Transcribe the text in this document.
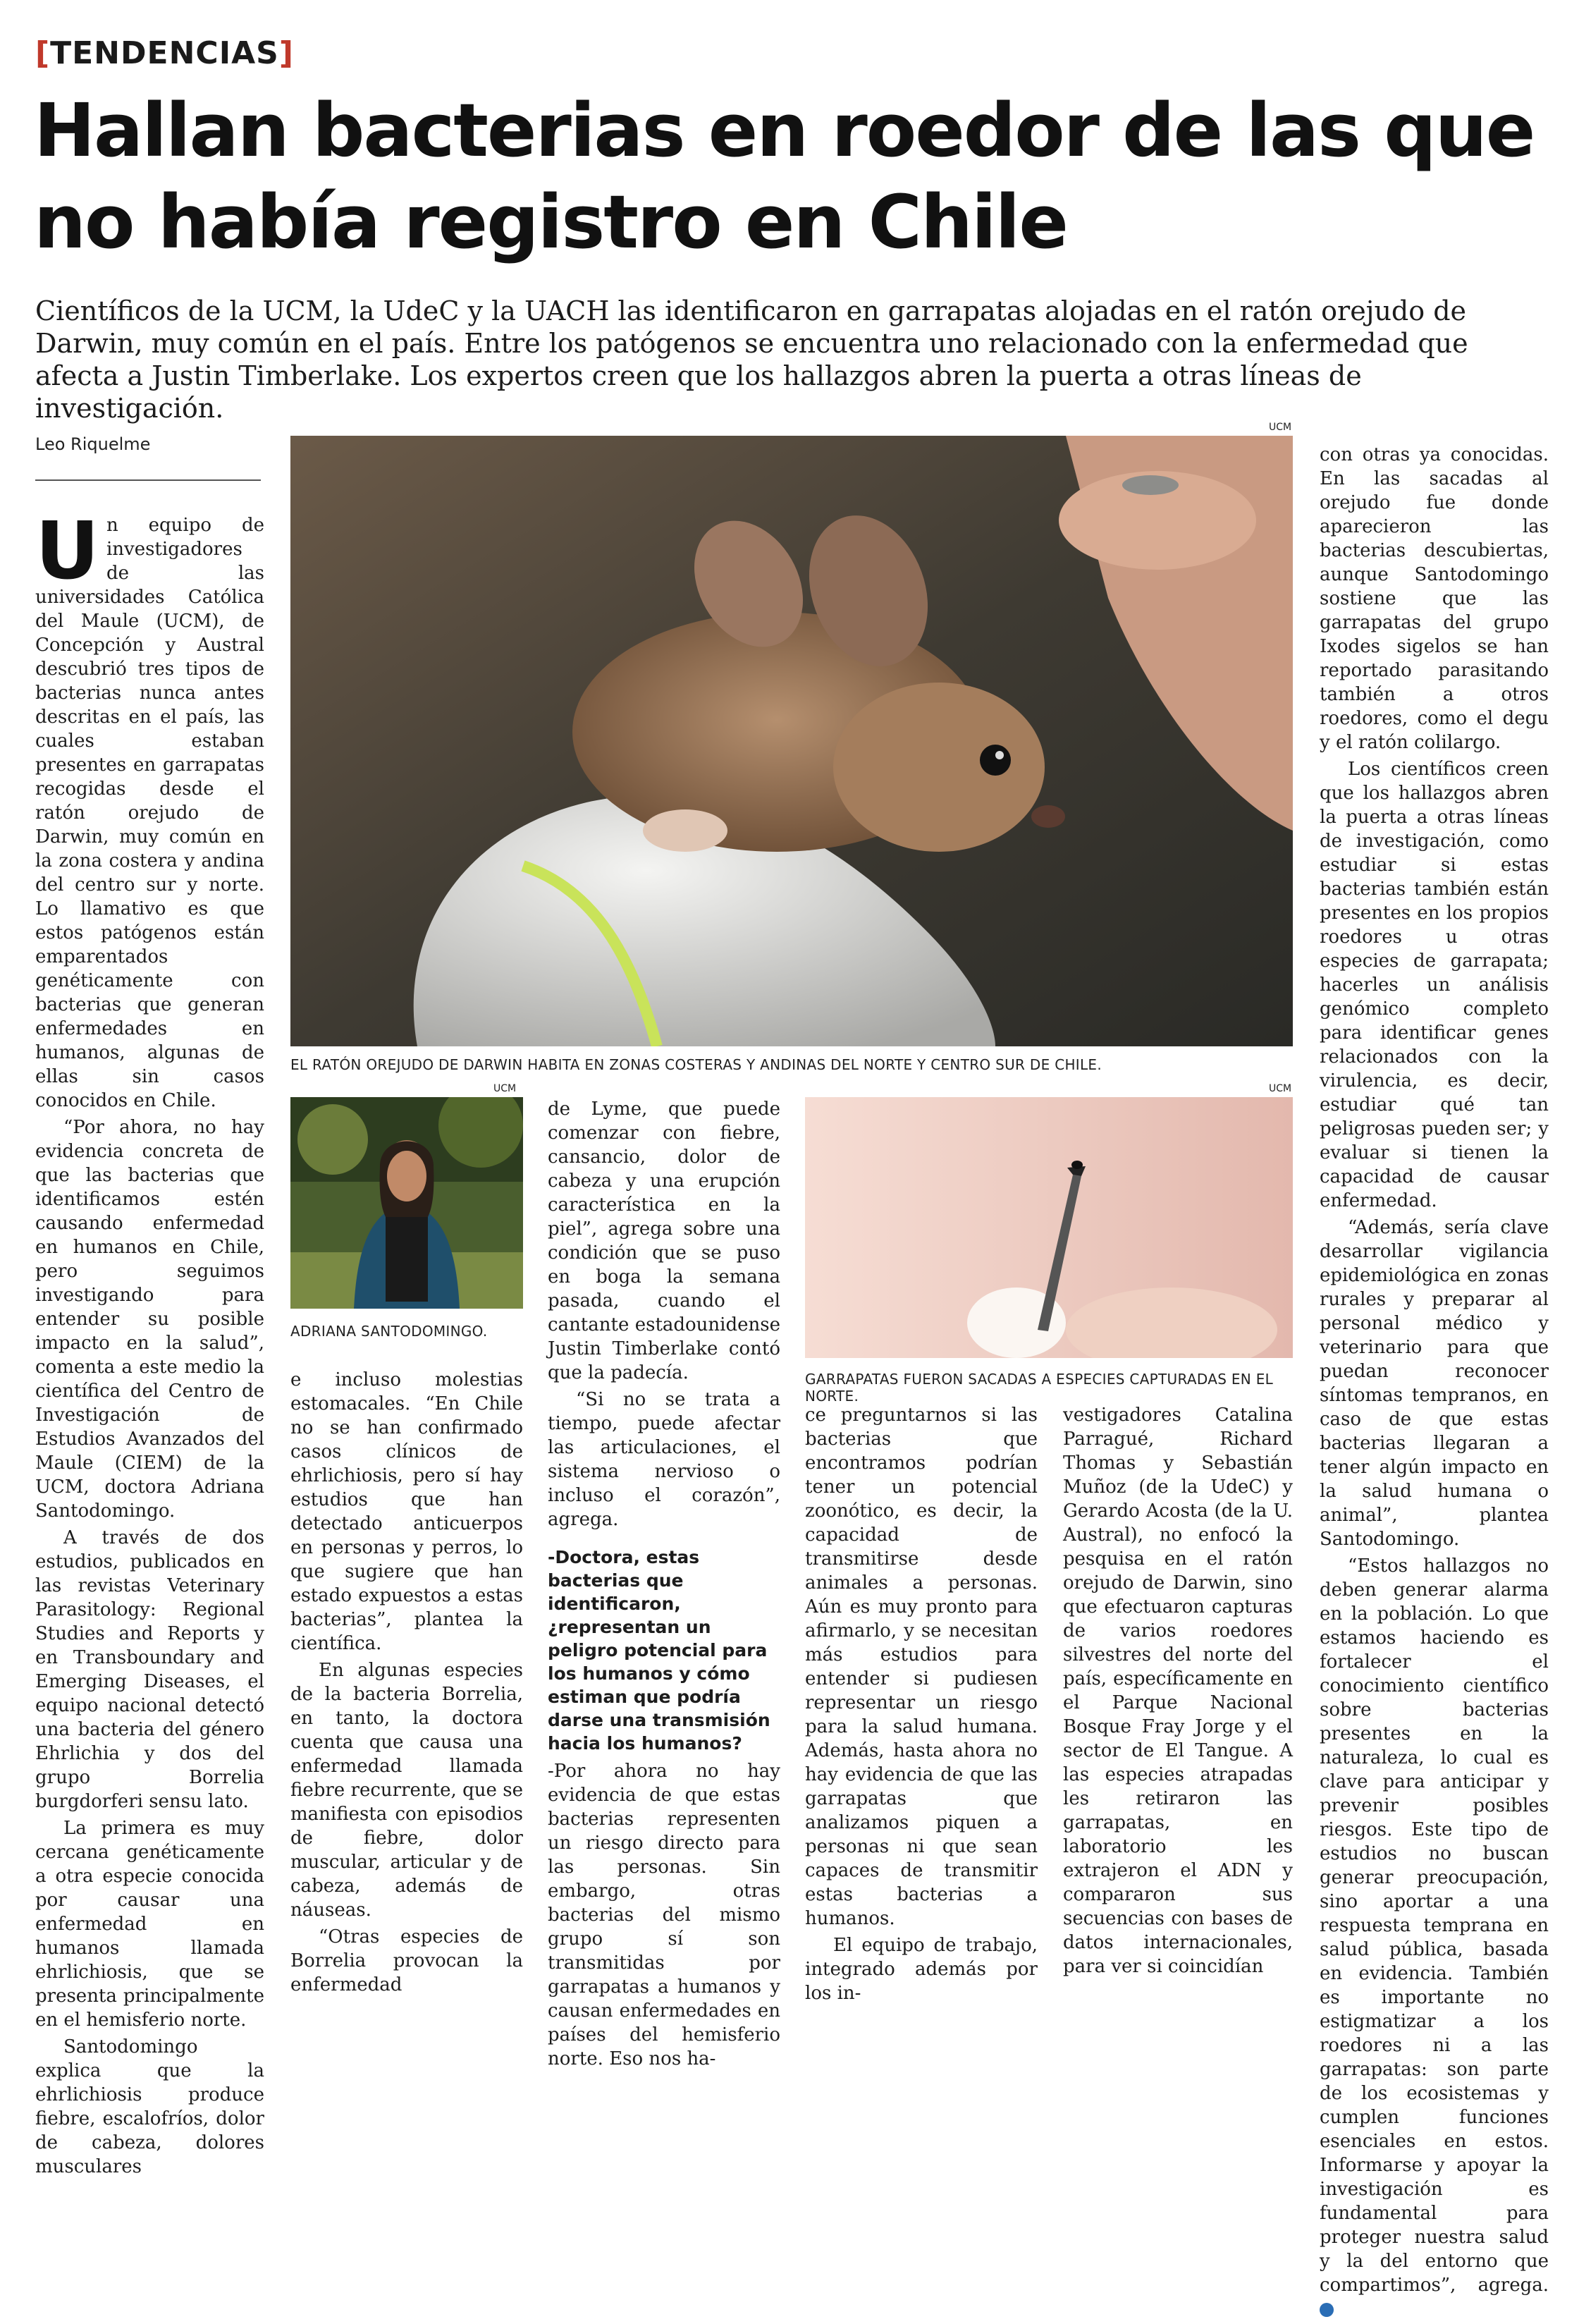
[TENDENCIAS]
Hallan bacterias en roedor de las que no había registro en Chile

Científicos de la UCM, la UdeC y la UACH las identificaron en garrapatas alojadas en el ratón orejudo de Darwin, muy común en el país. Entre los patógenos se encuentra uno relacionado con la enfermedad que afecta a Justin Timberlake. Los expertos creen que los hallazgos abren la puerta a otras líneas de investigación.

Leo Riquelme

Un equipo de investigadores de las universidades Católica del Maule (UCM), de Concepción y Austral descubrió tres tipos de bacterias nunca antes descritas en el país, las cuales estaban presentes en garrapatas recogidas desde el ratón orejudo de Darwin, muy común en la zona costera y andina del centro sur y norte. Lo llamativo es que estos patógenos están emparentados genéticamente con bacterias que generan enfermedades en humanos, algunas de ellas sin casos conocidos en Chile.

“Por ahora, no hay evidencia concreta de que las bacterias que identificamos estén causando enfermedad en humanos en Chile, pero seguimos investigando para entender su posible impacto en la salud”, comenta a este medio la científica del Centro de Investigación de Estudios Avanzados del Maule (CIEM) de la UCM, doctora Adriana Santodomingo.

A través de dos estudios, publicados en las revistas Veterinary Parasitology: Regional Studies and Reports y en Transboundary and Emerging Diseases, el equipo nacional detectó una bacteria del género Ehrlichia y dos del grupo Borrelia burgdorferi sensu lato.

La primera es muy cercana genéticamente a otra especie conocida por causar una enfermedad en humanos llamada ehrlichiosis, que se presenta principalmente en el hemisferio norte.

Santodomingo explica que la ehrlichiosis produce fiebre, escalofríos, dolor de cabeza, dolores musculares

UCM
EL RATÓN OREJUDO DE DARWIN HABITA EN ZONAS COSTERAS Y ANDINAS DEL NORTE Y CENTRO SUR DE CHILE.
UCM
ADRIANA SANTODOMINGO.
UCM
GARRAPATAS FUERON SACADAS A ESPECIES CAPTURADAS EN EL NORTE.

e incluso molestias estomacales. “En Chile no se han confirmado casos clínicos de ehrlichiosis, pero sí hay estudios que han detectado anticuerpos en personas y perros, lo que sugiere que han estado expuestos a estas bacterias”, plantea la científica.

En algunas especies de la bacteria Borrelia, en tanto, la doctora cuenta que causa una enfermedad llamada fiebre recurrente, que se manifiesta con episodios de fiebre, dolor muscular, articular y de cabeza, además de náuseas.

“Otras especies de Borrelia provocan la enfermedad

de Lyme, que puede comenzar con fiebre, cansancio, dolor de cabeza y una erupción característica en la piel”, agrega sobre una condición que se puso en boga la semana pasada, cuando el cantante estadounidense Justin Timberlake contó que la padecía.

“Si no se trata a tiempo, puede afectar las articulaciones, el sistema nervioso o incluso el corazón”, agrega.

-Doctora, estas bacterias que identificaron, ¿representan un peligro potencial para los humanos y cómo estiman que podría darse una transmisión hacia los humanos?

-Por ahora no hay evidencia de que estas bacterias representen un riesgo directo para las personas. Sin embargo, otras bacterias del mismo grupo sí son transmitidas por garrapatas a humanos y causan enfermedades en países del hemisferio norte. Eso nos ha-

ce preguntarnos si las bacterias que encontramos podrían tener un potencial zoonótico, es decir, la capacidad de transmitirse desde animales a personas. Aún es muy pronto para afirmarlo, y se necesitan más estudios para entender si pudiesen representar un riesgo para la salud humana. Además, hasta ahora no hay evidencia de que las garrapatas que analizamos piquen a personas ni que sean capaces de transmitir estas bacterias a humanos.

El equipo de trabajo, integrado además por los in-

vestigadores Catalina Parragué, Richard Thomas y Sebastián Muñoz (de la UdeC) y Gerardo Acosta (de la U. Austral), no enfocó la pesquisa en el ratón orejudo de Darwin, sino que efectuaron capturas de varios roedores silvestres del norte del país, específicamente en el Parque Nacional Bosque Fray Jorge y el sector de El Tangue. A las especies atrapadas les retiraron las garrapatas, en laboratorio les extrajeron el ADN y compararon sus secuencias con bases de datos internacionales, para ver si coincidían

con otras ya conocidas. En las sacadas al orejudo fue donde aparecieron las bacterias descubiertas, aunque Santodomingo sostiene que las garrapatas del grupo Ixodes sigelos se han reportado parasitando también a otros roedores, como el degu y el ratón colilargo.

Los científicos creen que los hallazgos abren la puerta a otras líneas de investigación, como estudiar si estas bacterias también están presentes en los propios roedores u otras especies de garrapata; hacerles un análisis genómico completo para identificar genes relacionados con la virulencia, es decir, estudiar qué tan peligrosas pueden ser; y evaluar si tienen la capacidad de causar enfermedad.

“Además, sería clave desarrollar vigilancia epidemiológica en zonas rurales y preparar al personal médico y veterinario para que puedan reconocer síntomas tempranos, en caso de que estas bacterias llegaran a tener algún impacto en la salud humana o animal”, plantea Santodomingo.

“Estos hallazgos no deben generar alarma en la población. Lo que estamos haciendo es fortalecer el conocimiento científico sobre bacterias presentes en la naturaleza, lo cual es clave para anticipar y prevenir posibles riesgos. Este tipo de estudios no buscan generar preocupación, sino aportar a una respuesta temprana en salud pública, basada en evidencia. También es importante no estigmatizar a los roedores ni a las garrapatas: son parte de los ecosistemas y cumplen funciones esenciales en estos. Informarse y apoyar la investigación es fundamental para proteger nuestra salud y la del entorno que compartimos”, agrega. ✪
